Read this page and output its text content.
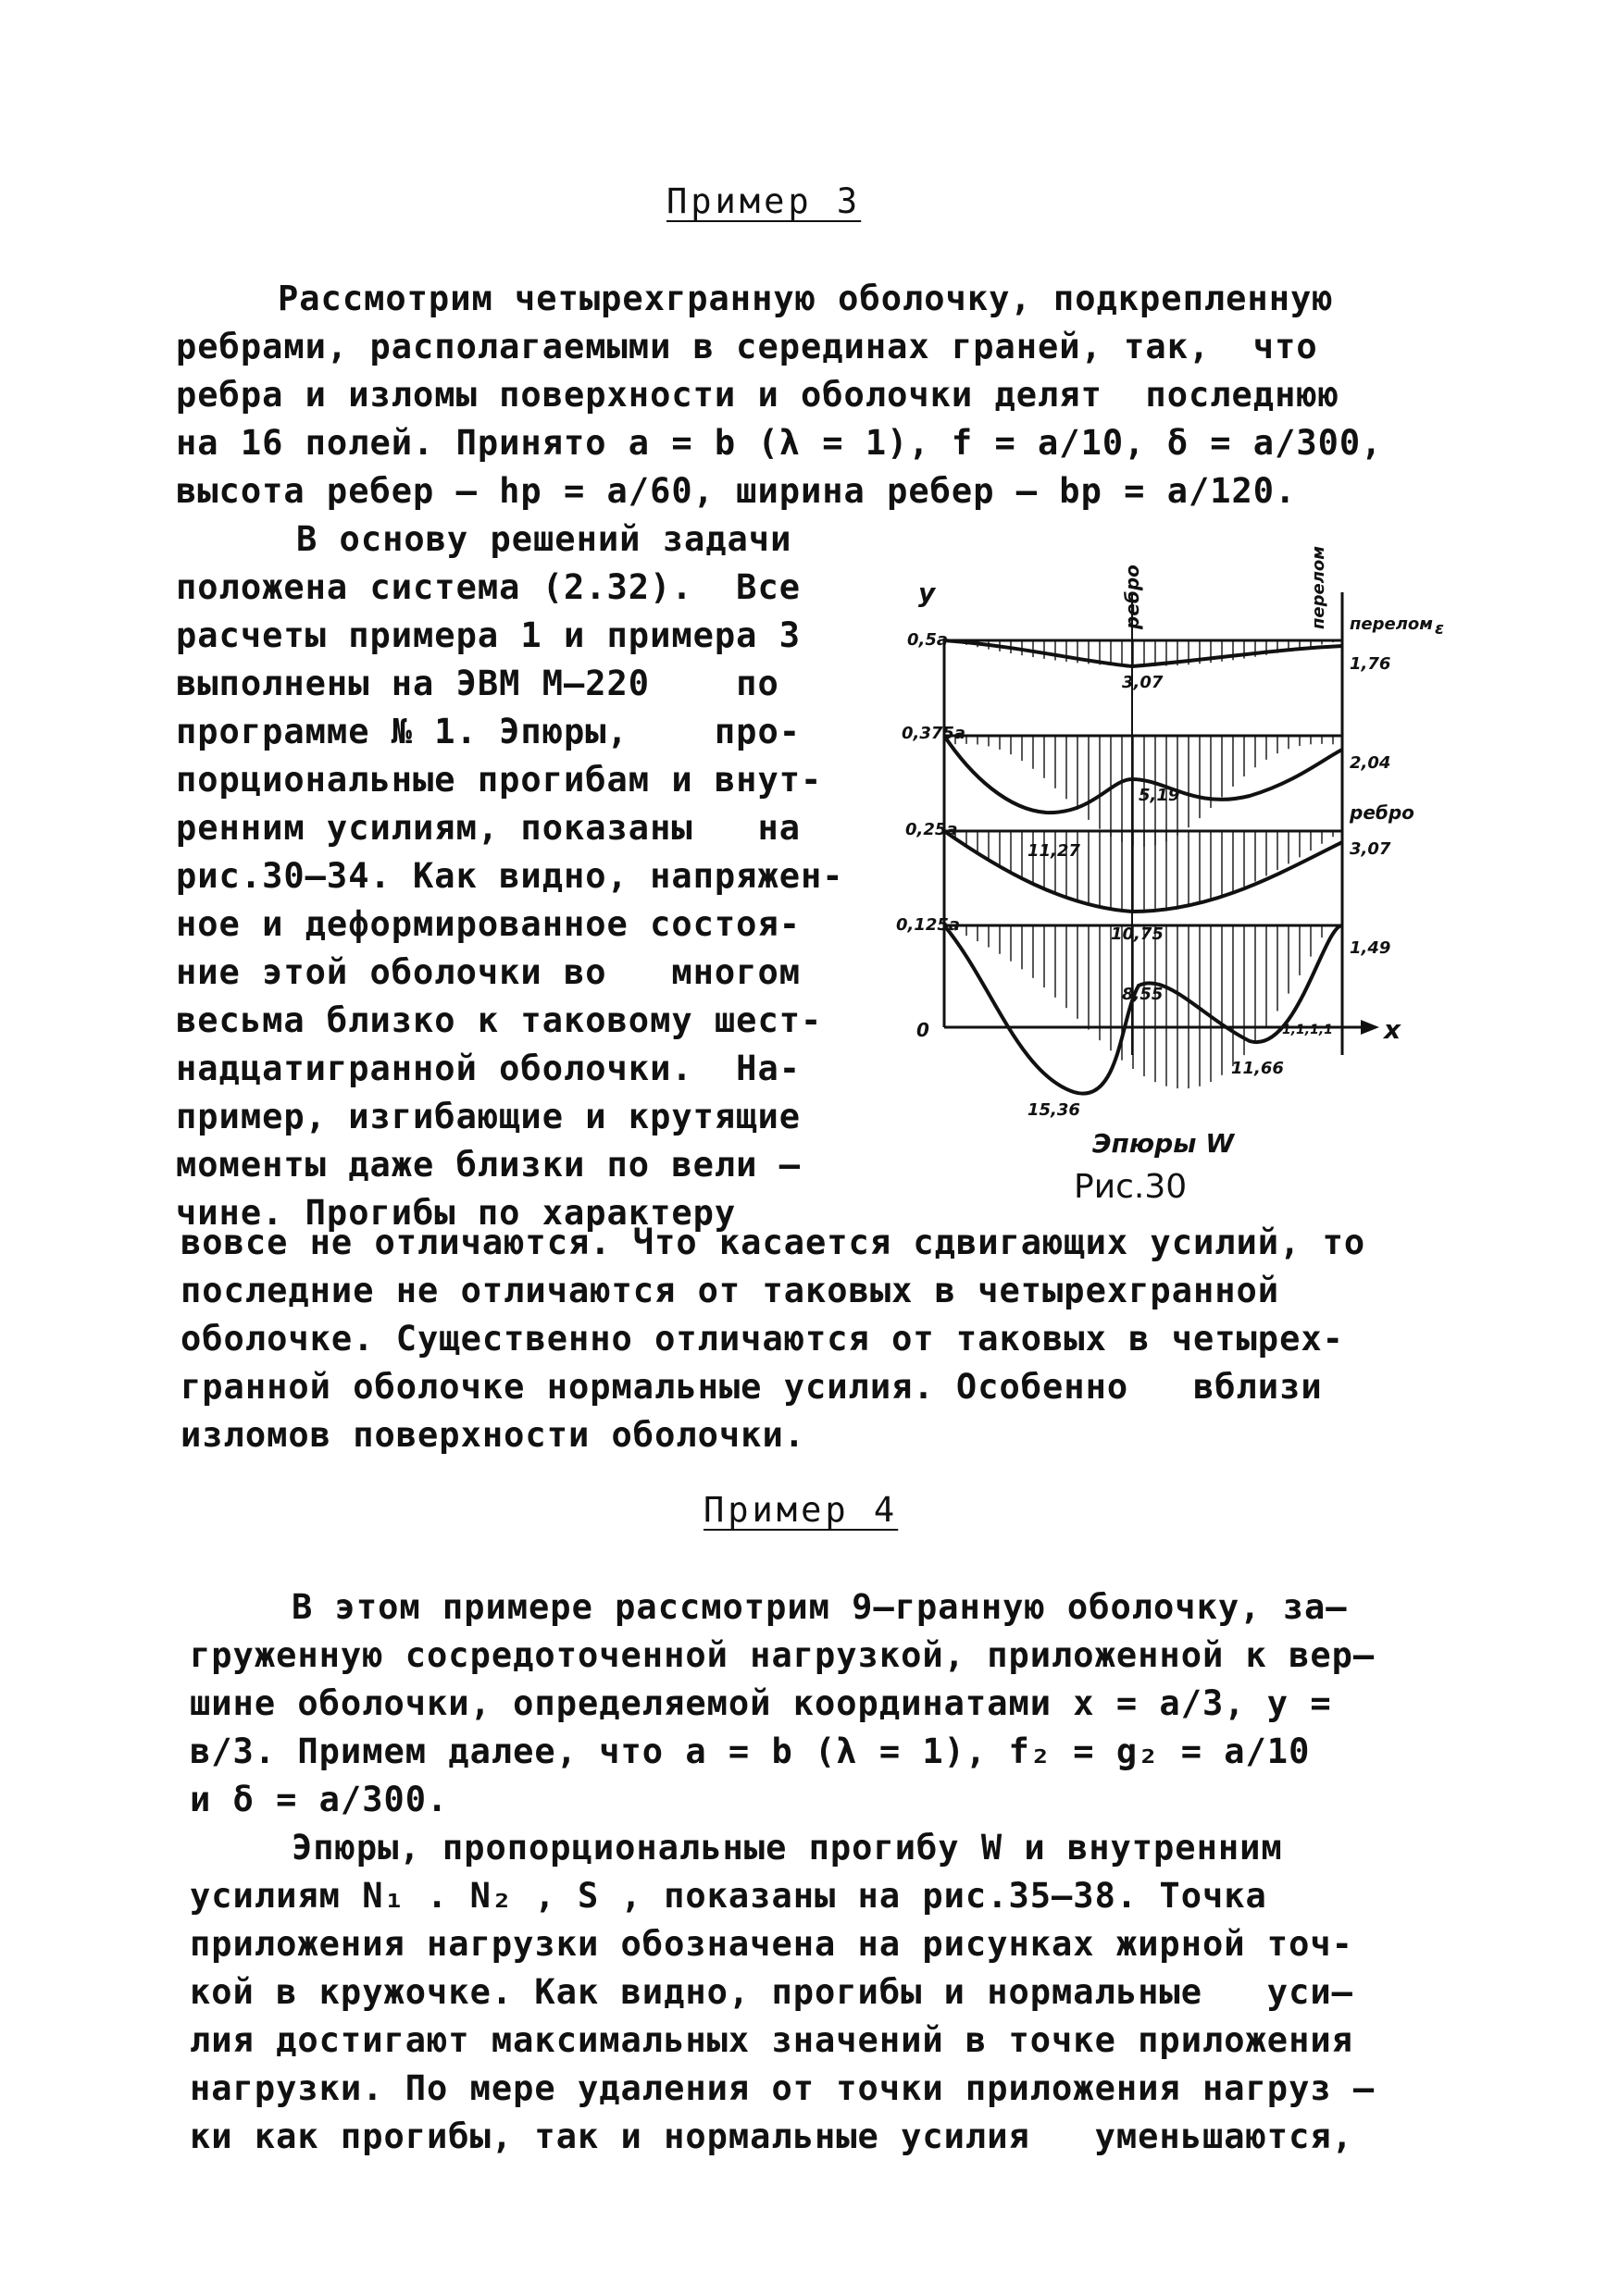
Пример 3
Рассмотрим четырехгранную оболочку, подкрепленную
ребрами, располагаемыми в серединах граней, так,  что
ребра и изломы поверхности и оболочки делят  последнюю
на 16 полей. Принято a = b (λ = 1), f = a/10, δ = a/300,
высота ребер – hp = a/60, ширина ребер – bp = a/120.
В основу решений задачи
положена система (2.32).  Все
расчеты примера 1 и примера 3
выполнены на ЭВМ М–220    по
программе № 1. Эпюры,    про-
порциональные прогибам и внут-
ренним усилиям, показаны   на
рис.30–34. Как видно, напряжен-
ное и деформированное состоя-
ние этой оболочки во   многом
весьма близко к таковому шест-
надцатигранной оболочки.  На-
пример, изгибающие и крутящие
моменты даже близки по вели –
чине. Прогибы по характеру
вовсе не отличаются. Что касается сдвигающих усилий, то
последние не отличаются от таковых в четырехгранной
оболочке. Существенно отличаются от таковых в четырех-
гранной оболочке нормальные усилия. Особенно   вблизи
изломов поверхности оболочки.
0,5a
0,375a
0,25a
0,125a
0
y
x
1,76
2,04
ребро
3,07
1,49
ребро	перелом перелом ε
3,07
5,19
11,27
10,75
8,55
11,66
15,36
1,1,1,1
Эпюры W
Рис.30
Пример 4
В этом примере рассмотрим 9–гранную оболочку, за–
груженную сосредоточенной нагрузкой, приложенной к вер–
шине оболочки, определяемой координатами x = a/3, y =
в/3. Примем далее, что a = b (λ = 1), f₂ = g₂ = a/10
и δ = a/300.
Эпюры, пропорциональные прогибу W и внутренним
усилиям N₁ . N₂ , S , показаны на рис.35–38. Точка
приложения нагрузки обозначена на рисунках жирной точ-
кой в кружочке. Как видно, прогибы и нормальные   уси–
лия достигают максимальных значений в точке приложения
нагрузки. По мере удаления от точки приложения нагруз –
ки как прогибы, так и нормальные усилия   уменьшаются,
